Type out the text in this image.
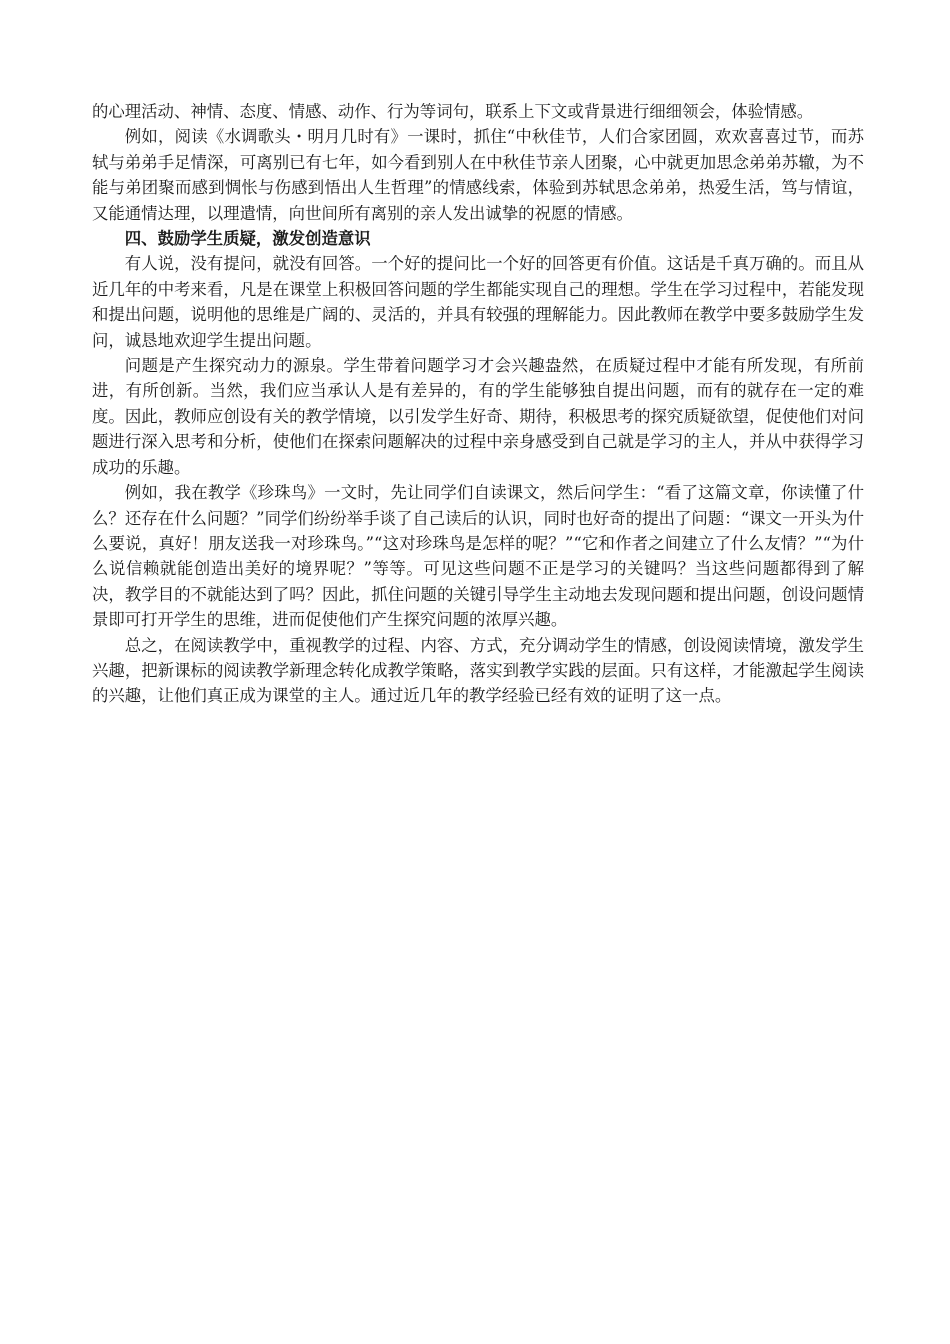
的心理活动、神情、态度、情感、动作、行为等词句，联系上下文或背景进行细细领会，体验情感。

例如，阅读《水调歌头・明月几时有》一课时，抓住“中秋佳节，人们合家团圆，欢欢喜喜过节，而苏轼与弟弟手足情深，可离别已有七年，如今看到别人在中秋佳节亲人团聚，心中就更加思念弟弟苏辙，为不能与弟团聚而感到惆怅与伤感到悟出人生哲理”的情感线索，体验到苏轼思念弟弟，热爱生活，笃与情谊，又能通情达理，以理遣情，向世间所有离别的亲人发出诚挚的祝愿的情感。

四、鼓励学生质疑，激发创造意识

有人说，没有提问，就没有回答。一个好的提问比一个好的回答更有价值。这话是千真万确的。而且从近几年的中考来看，凡是在课堂上积极回答问题的学生都能实现自己的理想。学生在学习过程中，若能发现和提出问题，说明他的思维是广阔的、灵活的，并具有较强的理解能力。因此教师在教学中要多鼓励学生发问，诚恳地欢迎学生提出问题。

问题是产生探究动力的源泉。学生带着问题学习才会兴趣盎然，在质疑过程中才能有所发现，有所前进，有所创新。当然，我们应当承认人是有差异的，有的学生能够独自提出问题，而有的就存在一定的难度。因此，教师应创设有关的教学情境，以引发学生好奇、期待，积极思考的探究质疑欲望，促使他们对问题进行深入思考和分析，使他们在探索问题解决的过程中亲身感受到自己就是学习的主人，并从中获得学习成功的乐趣。

例如，我在教学《珍珠鸟》一文时，先让同学们自读课文，然后问学生：“看了这篇文章，你读懂了什么？还存在什么问题？”同学们纷纷举手谈了自己读后的认识，同时也好奇的提出了问题：“课文一开头为什么要说，真好！朋友送我一对珍珠鸟。”“这对珍珠鸟是怎样的呢？”“它和作者之间建立了什么友情？”“为什么说信赖就能创造出美好的境界呢？”等等。可见这些问题不正是学习的关键吗？当这些问题都得到了解决，教学目的不就能达到了吗？因此，抓住问题的关键引导学生主动地去发现问题和提出问题，创设问题情景即可打开学生的思维，进而促使他们产生探究问题的浓厚兴趣。

总之，在阅读教学中，重视教学的过程、内容、方式，充分调动学生的情感，创设阅读情境，激发学生兴趣，把新课标的阅读教学新理念转化成教学策略，落实到教学实践的层面。只有这样，才能激起学生阅读的兴趣，让他们真正成为课堂的主人。通过近几年的教学经验已经有效的证明了这一点。
